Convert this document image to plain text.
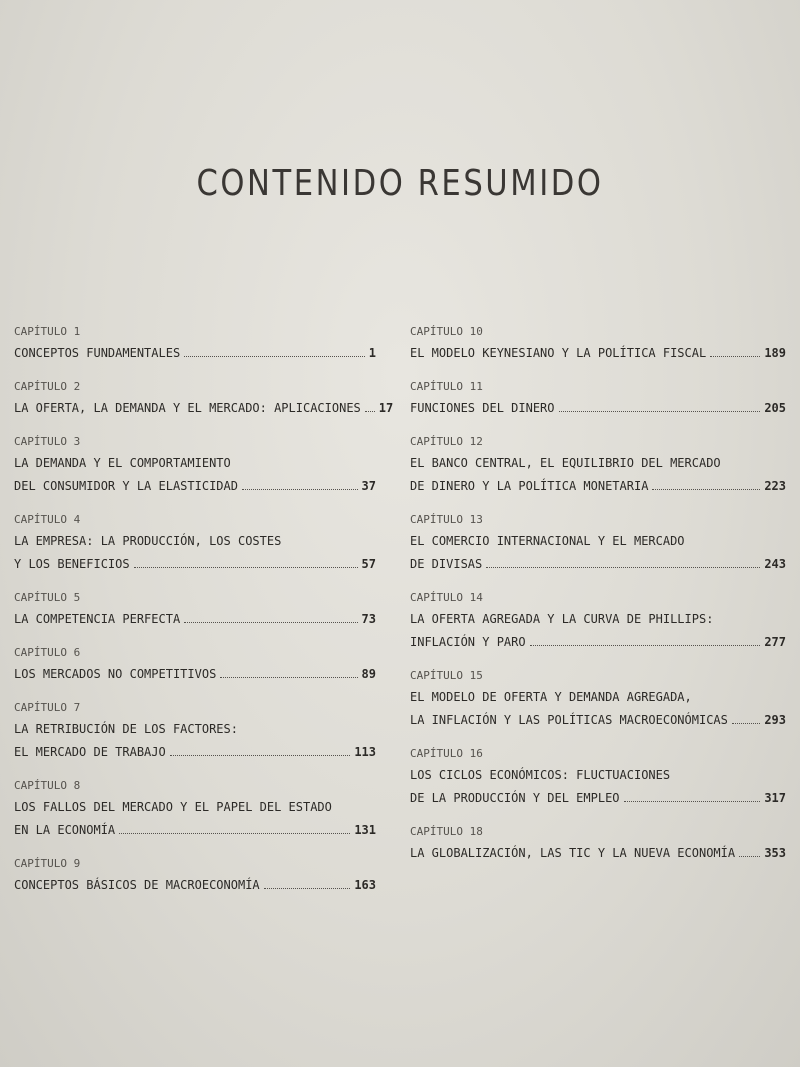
CONTENIDO RESUMIDO
CAPÍTULO 1
CONCEPTOS FUNDAMENTALES	1
CAPÍTULO 2
LA OFERTA, LA DEMANDA Y EL MERCADO: APLICACIONES 17
CAPÍTULO 3
LA DEMANDA Y EL COMPORTAMIENTO
DEL CONSUMIDOR Y LA ELASTICIDAD	37
CAPÍTULO 4
LA EMPRESA: LA PRODUCCIÓN, LOS COSTES
Y LOS BENEFICIOS	57
CAPÍTULO 5
LA COMPETENCIA PERFECTA	73
CAPÍTULO 6
LOS MERCADOS NO COMPETITIVOS	89
CAPÍTULO 7
LA RETRIBUCIÓN DE LOS FACTORES:
EL MERCADO DE TRABAJO	113
CAPÍTULO 8
LOS FALLOS DEL MERCADO Y EL PAPEL DEL ESTADO
EN LA ECONOMÍA	131
CAPÍTULO 9
CONCEPTOS BÁSICOS DE MACROECONOMÍA	163
CAPÍTULO 10
EL MODELO KEYNESIANO Y LA POLÍTICA FISCAL	189
CAPÍTULO 11
FUNCIONES DEL DINERO	205
CAPÍTULO 12
EL BANCO CENTRAL, EL EQUILIBRIO DEL MERCADO
DE DINERO Y LA POLÍTICA MONETARIA	223
CAPÍTULO 13
EL COMERCIO INTERNACIONAL Y EL MERCADO
DE DIVISAS	243
CAPÍTULO 14
LA OFERTA AGREGADA Y LA CURVA DE PHILLIPS:
INFLACIÓN Y PARO	277
CAPÍTULO 15
EL MODELO DE OFERTA Y DEMANDA AGREGADA,
LA INFLACIÓN Y LAS POLÍTICAS MACROECONÓMICAS	293
CAPÍTULO 16
LOS CICLOS ECONÓMICOS: FLUCTUACIONES
DE LA PRODUCCIÓN Y DEL EMPLEO	317
CAPÍTULO 18
LA GLOBALIZACIÓN, LAS TIC Y LA NUEVA ECONOMÍA 353
